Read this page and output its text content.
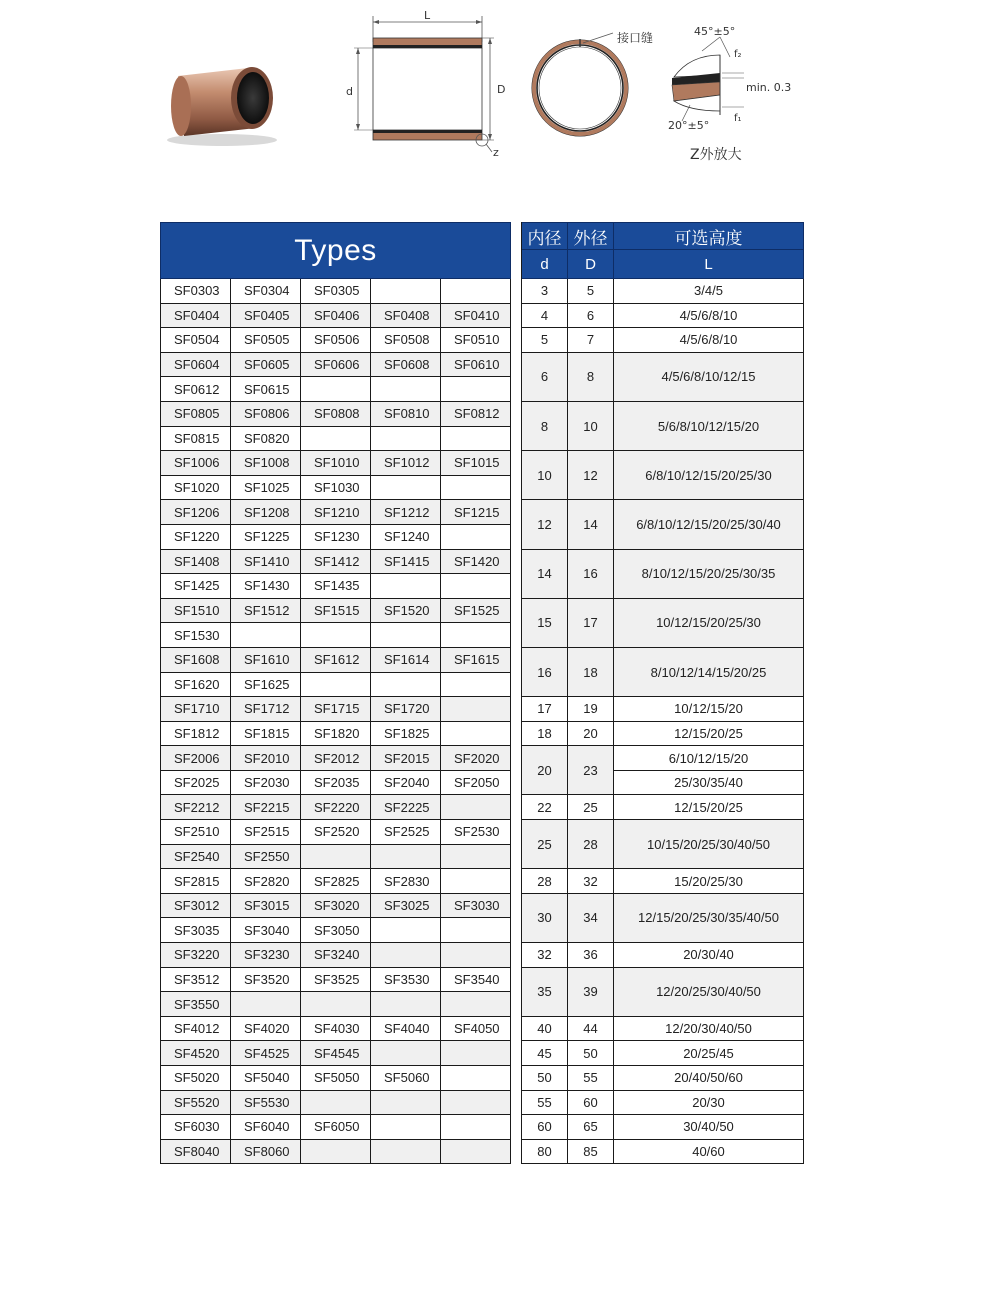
L
d	D
z
接口缝	45°±5°
f₂
min. 0.3
f₁
20°±5°
Z外放大
Types						内径	外径	可选高度
						d	D	L
SF0303	SF0304	SF0305				3	5	3/4/5
SF0404	SF0405	SF0406	SF0408	SF0410		4	6	4/5/6/8/10
SF0504	SF0505	SF0506	SF0508	SF0510		5	7	4/5/6/8/10
SF0604	SF0605	SF0606	SF0608	SF0610		6	8	4/5/6/8/10/12/15
SF0612	SF0615							
SF0805	SF0806	SF0808	SF0810	SF0812		8	10	5/6/8/10/12/15/20
SF0815	SF0820							
SF1006	SF1008	SF1010	SF1012	SF1015		10	12	6/8/10/12/15/20/25/30
SF1020	SF1025	SF1030						
SF1206	SF1208	SF1210	SF1212	SF1215		12	14	6/8/10/12/15/20/25/30/40
SF1220	SF1225	SF1230	SF1240					
SF1408	SF1410	SF1412	SF1415	SF1420		14	16	8/10/12/15/20/25/30/35
SF1425	SF1430	SF1435						
SF1510	SF1512	SF1515	SF1520	SF1525		15	17	10/12/15/20/25/30
SF1530								
SF1608	SF1610	SF1612	SF1614	SF1615		16	18	8/10/12/14/15/20/25
SF1620	SF1625							
SF1710	SF1712	SF1715	SF1720			17	19	10/12/15/20
SF1812	SF1815	SF1820	SF1825			18	20	12/15/20/25
SF2006	SF2010	SF2012	SF2015	SF2020		20	23	6/10/12/15/20
SF2025	SF2030	SF2035	SF2040	SF2050				25/30/35/40
SF2212	SF2215	SF2220	SF2225			22	25	12/15/20/25
SF2510	SF2515	SF2520	SF2525	SF2530		25	28	10/15/20/25/30/40/50
SF2540	SF2550							
SF2815	SF2820	SF2825	SF2830			28	32	15/20/25/30
SF3012	SF3015	SF3020	SF3025	SF3030		30	34	12/15/20/25/30/35/40/50
SF3035	SF3040	SF3050						
SF3220	SF3230	SF3240				32	36	20/30/40
SF3512	SF3520	SF3525	SF3530	SF3540		35	39	12/20/25/30/40/50
SF3550								
SF4012	SF4020	SF4030	SF4040	SF4050		40	44	12/20/30/40/50
SF4520	SF4525	SF4545				45	50	20/25/45
SF5020	SF5040	SF5050	SF5060			50	55	20/40/50/60
SF5520	SF5530					55	60	20/30
SF6030	SF6040	SF6050				60	65	30/40/50
SF8040	SF8060					80	85	40/60
